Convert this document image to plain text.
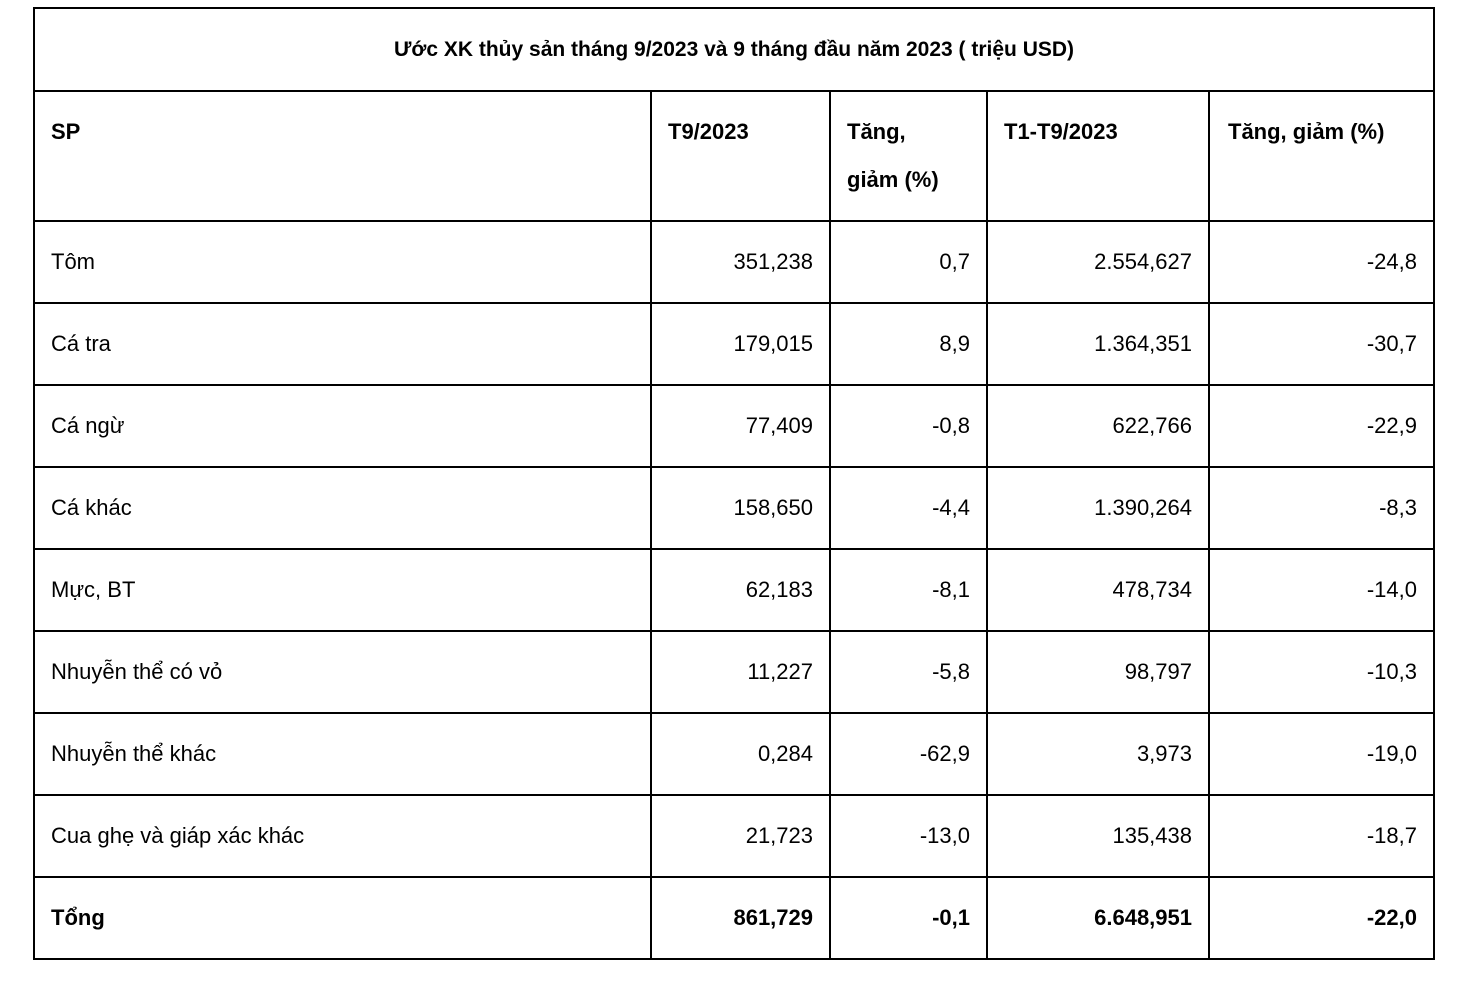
Ước XK thủy sản tháng 9/2023 và 9 tháng đầu năm 2023 ( triệu USD)				
SP	T9/2023	Tăng,
giảm (%)	T1-T9/2023	Tăng, giảm (%)
Tôm	351,238	0,7	2.554,627	-24,8
Cá tra	179,015	8,9	1.364,351	-30,7
Cá ngừ	77,409	-0,8	622,766	-22,9
Cá khác	158,650	-4,4	1.390,264	-8,3
Mực, BT	62,183	-8,1	478,734	-14,0
Nhuyễn thể có vỏ	11,227	-5,8	98,797	-10,3
Nhuyễn thể khác	0,284	-62,9	3,973	-19,0
Cua ghẹ và giáp xác khác	21,723	-13,0	135,438	-18,7
Tổng	861,729	-0,1	6.648,951	-22,0
